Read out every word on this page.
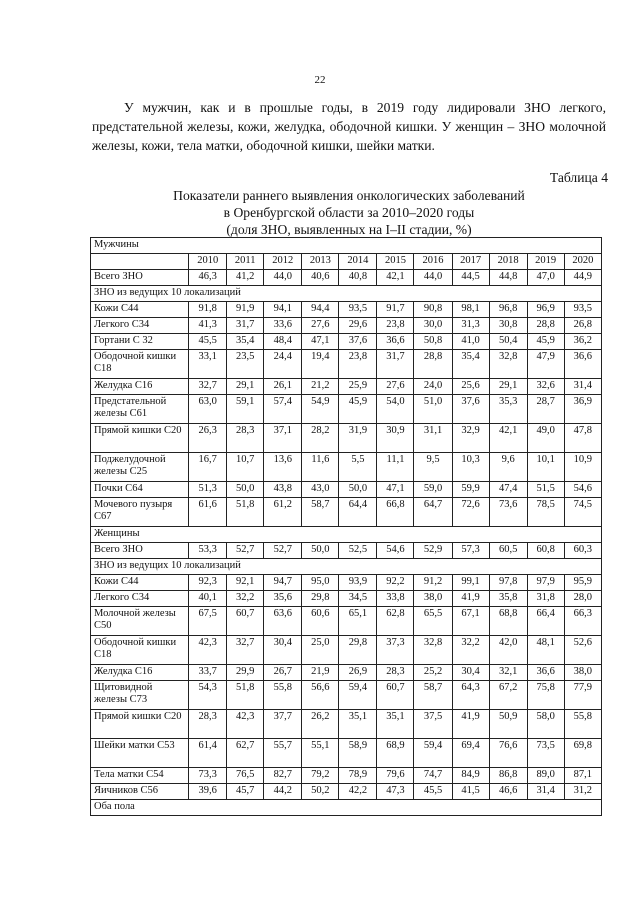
22

У мужчин, как и в прошлые годы, в 2019 году лидировали ЗНО легкого, предстательной железы, кожи, желудка, ободочной кишки. У женщин – ЗНО молочной железы, кожи, тела матки, ободочной кишки, шейки матки.

Таблица 4
Показатели раннего выявления онкологических заболеваний
в Оренбургской области за 2010–2020 годы
(доля ЗНО, выявленных на I–II стадии, %)
Мужчины											
	2010	2011	2012	2013	2014	2015	2016	2017	2018	2019	2020
Всего ЗНО	46,3	41,2	44,0	40,6	40,8	42,1	44,0	44,5	44,8	47,0	44,9
ЗНО из ведущих 10 локализаций											
Кожи С44	91,8	91,9	94,1	94,4	93,5	91,7	90,8	98,1	96,8	96,9	93,5
Легкого С34	41,3	31,7	33,6	27,6	29,6	23,8	30,0	31,3	30,8	28,8	26,8
Гортани С 32	45,5	35,4	48,4	47,1	37,6	36,6	50,8	41,0	50,4	45,9	36,2
Ободочной кишки С18	33,1	23,5	24,4	19,4	23,8	31,7	28,8	35,4	32,8	47,9	36,6
Желудка С16	32,7	29,1	26,1	21,2	25,9	27,6	24,0	25,6	29,1	32,6	31,4
Предстательной железы С61	63,0	59,1	57,4	54,9	45,9	54,0	51,0	37,6	35,3	28,7	36,9
Прямой кишки С20	26,3	28,3	37,1	28,2	31,9	30,9	31,1	32,9	42,1	49,0	47,8
Поджелудочной железы С25	16,7	10,7	13,6	11,6	5,5	11,1	9,5	10,3	9,6	10,1	10,9
Почки С64	51,3	50,0	43,8	43,0	50,0	47,1	59,0	59,9	47,4	51,5	54,6
Мочевого пузыря С67	61,6	51,8	61,2	58,7	64,4	66,8	64,7	72,6	73,6	78,5	74,5
Женщины											
Всего ЗНО	53,3	52,7	52,7	50,0	52,5	54,6	52,9	57,3	60,5	60,8	60,3
ЗНО из ведущих 10 локализаций											
Кожи С44	92,3	92,1	94,7	95,0	93,9	92,2	91,2	99,1	97,8	97,9	95,9
Легкого С34	40,1	32,2	35,6	29,8	34,5	33,8	38,0	41,9	35,8	31,8	28,0
Молочной железы С50	67,5	60,7	63,6	60,6	65,1	62,8	65,5	67,1	68,8	66,4	66,3
Ободочной кишки С18	42,3	32,7	30,4	25,0	29,8	37,3	32,8	32,2	42,0	48,1	52,6
Желудка С16	33,7	29,9	26,7	21,9	26,9	28,3	25,2	30,4	32,1	36,6	38,0
Щитовидной железы С73	54,3	51,8	55,8	56,6	59,4	60,7	58,7	64,3	67,2	75,8	77,9
Прямой кишки С20	28,3	42,3	37,7	26,2	35,1	35,1	37,5	41,9	50,9	58,0	55,8
Шейки матки С53	61,4	62,7	55,7	55,1	58,9	68,9	59,4	69,4	76,6	73,5	69,8
Тела матки С54	73,3	76,5	82,7	79,2	78,9	79,6	74,7	84,9	86,8	89,0	87,1
Яичников С56	39,6	45,7	44,2	50,2	42,2	47,3	45,5	41,5	46,6	31,4	31,2
Оба пола											
